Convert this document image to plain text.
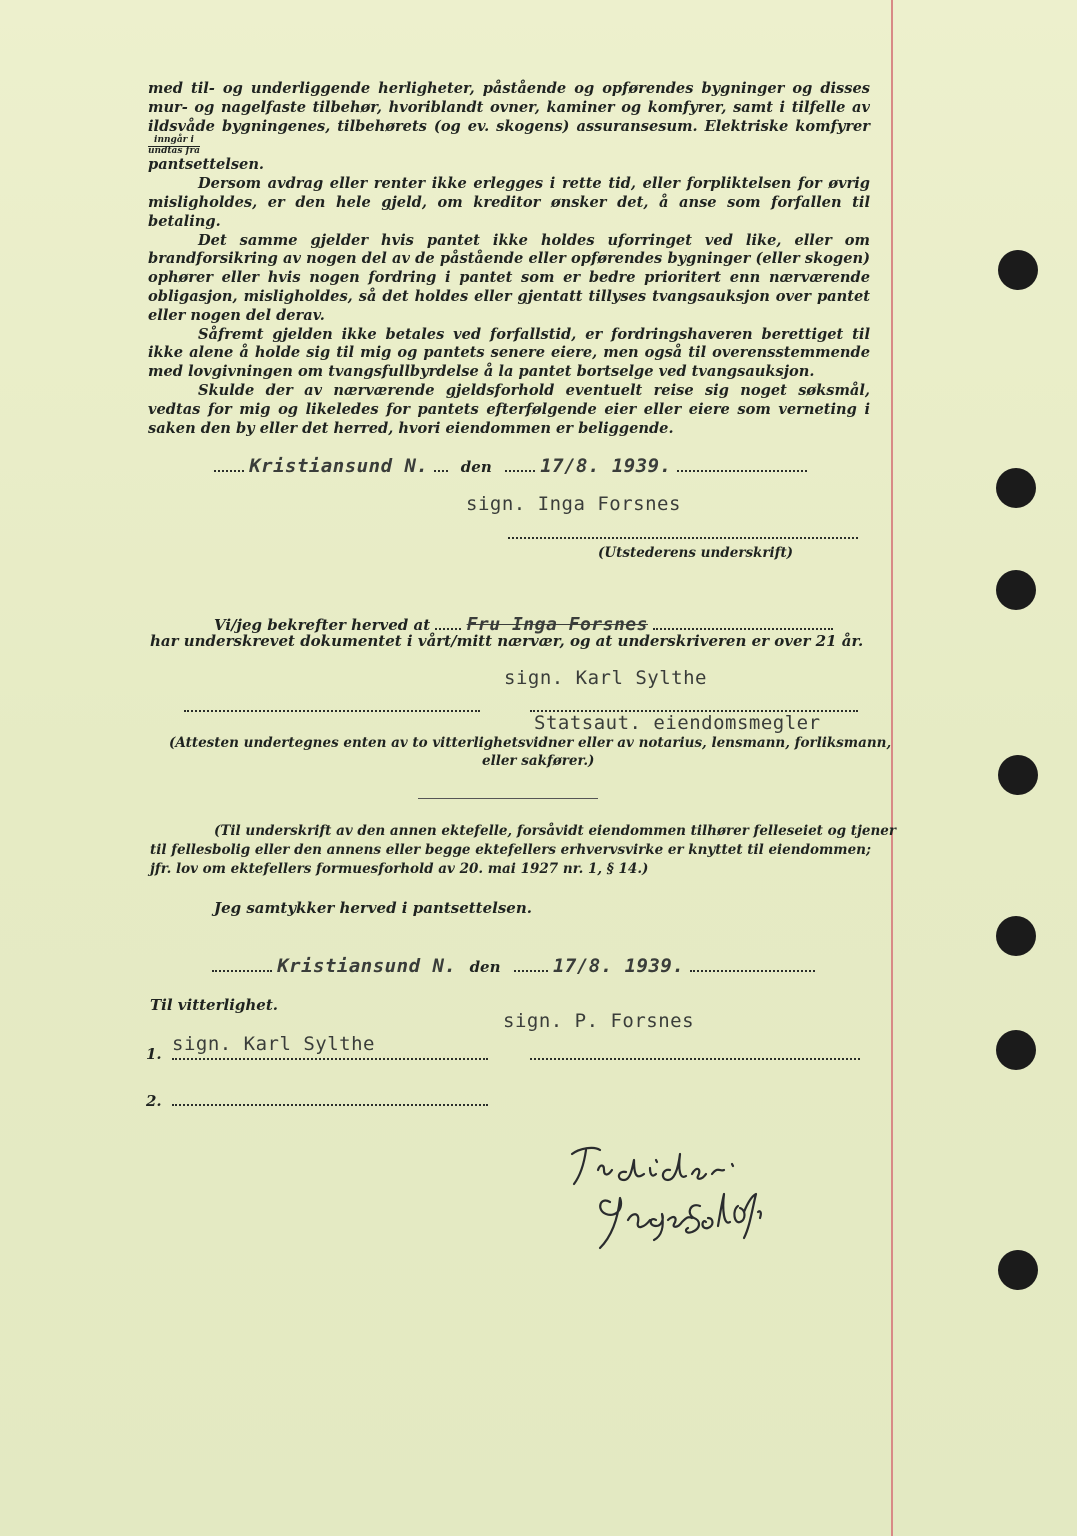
med til- og underliggende herligheter, påstående og opførendes bygninger og disses mur- og nagelfaste tilbehør, hvoriblandt ovner, kaminer og komfyrer, samt i tilfelle av ildsvåde bygningenes, tilbehørets (og ev. skogens) assuransesum. Elektriske komfyrer
inngår i
undtas fra

pantsettelsen.

Dersom avdrag eller renter ikke erlegges i rette tid, eller forpliktelsen for øvrig misligholdes, er den hele gjeld, om kreditor ønsker det, å anse som forfallen til betaling.

Det samme gjelder hvis pantet ikke holdes uforringet ved like, eller om brandforsikring av nogen del av de påstående eller opførendes bygninger (eller skogen) ophører eller hvis nogen fordring i pantet som er bedre prioritert enn nærværende obligasjon, misligholdes, så det holdes eller gjentatt tillyses tvangsauksjon over pantet eller nogen del derav.

Såfremt gjelden ikke betales ved forfallstid, er fordringshaveren berettiget til ikke alene å holde sig til mig og pantets senere eiere, men også til overensstemmende med lovgivningen om tvangsfullbyrdelse å la pantet bortselge ved tvangsauksjon.

Skulde der av nærværende gjeldsforhold eventuelt reise sig noget søksmål, vedtas for mig og likeledes for pantets efterfølgende eier eller eiere som verneting i saken den by eller det herred, hvori eiendommen er beliggende.

Kristiansund N. den	17/8. 1939.
sign. Inga Forsnes
(Utstederens underskrift)
Vi/jeg bekrefter herved at Fru Inga Forsnes
har underskrevet dokumentet i vårt/mitt nærvær, og at underskriveren er over 21 år.
sign. Karl Sylthe
Statsaut. eiendomsmegler
(Attesten undertegnes enten av to vitterlighetsvidner eller av notarius, lensmann, forliksmann,
eller sakfører.)
(Til underskrift av den annen ektefelle, forsåvidt eiendommen tilhører felleseiet og tjener
til fellesbolig eller den annens eller begge ektefellers erhvervsvirke er knyttet til eiendommen;
jfr. lov om ektefellers formuesforhold av 20. mai 1927 nr. 1, § 14.)
Jeg samtykker herved i pantsettelsen.
Kristiansund N. den	17/8. 1939.
Til vitterlighet.
sign. P. Forsnes
1. sign. Karl Sylthe
2.
